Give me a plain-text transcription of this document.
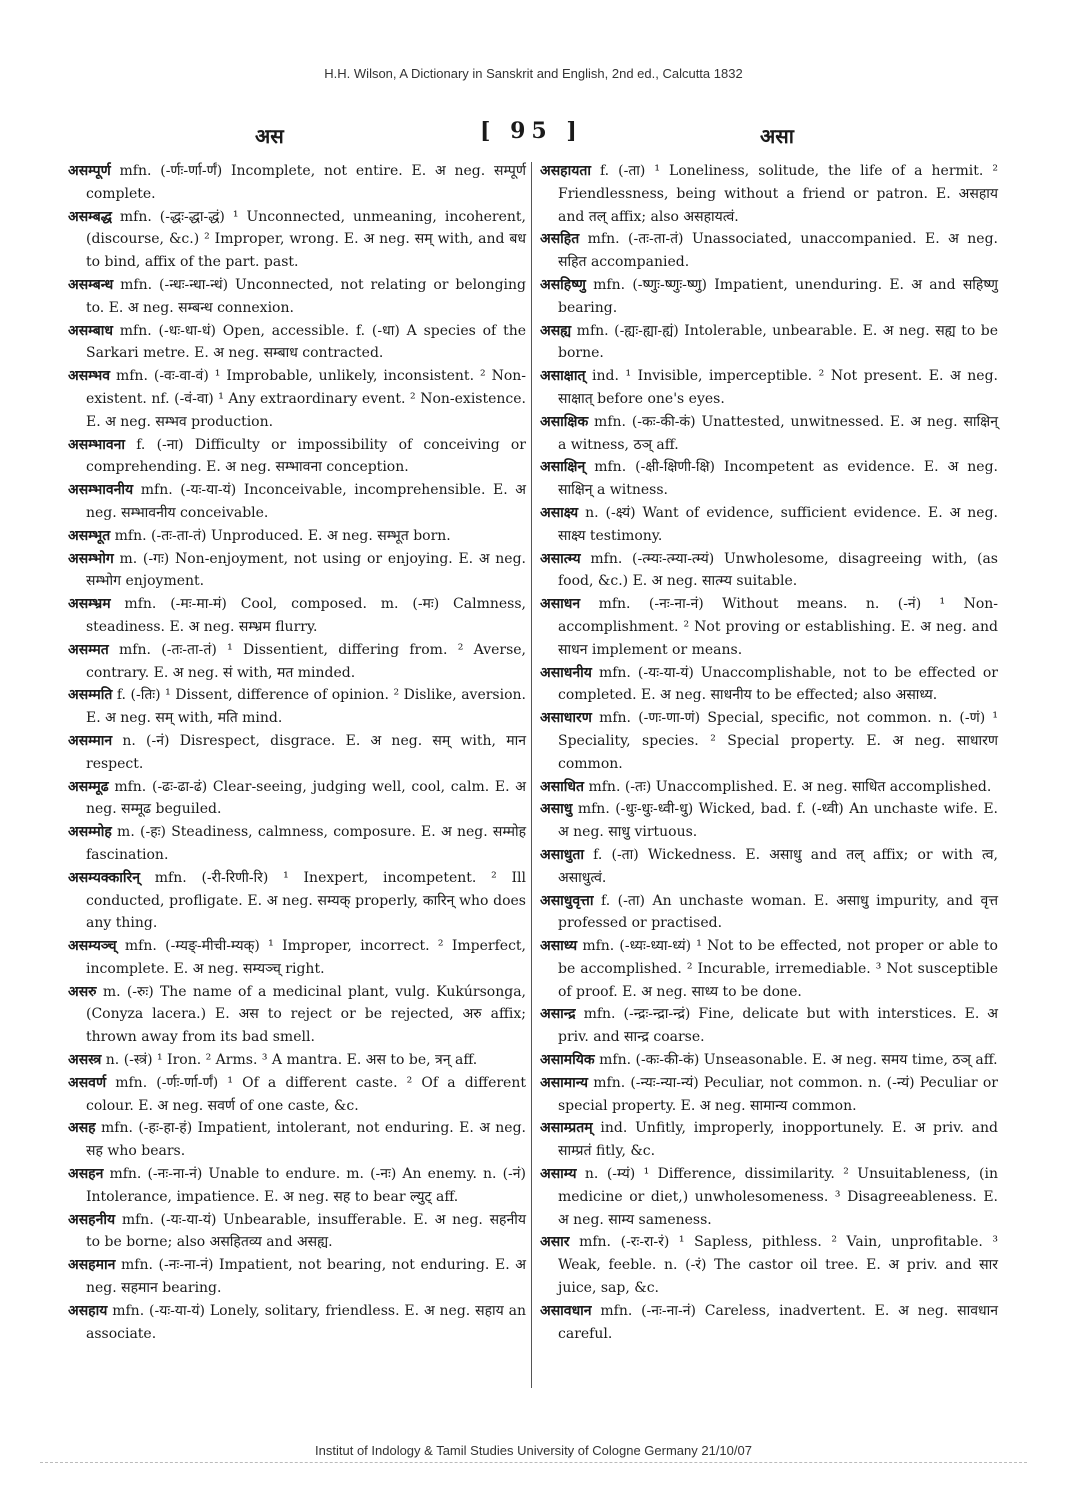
H.H. Wilson, A Dictionary in Sanskrit and English, 2nd ed., Calcutta 1832
अस	[ 95 ]	असा

असम्पूर्ण mfn. (-र्णः-र्णा-र्णं) Incomplete, not entire. E. अ neg. सम्पूर्ण complete.

असम्बद्ध mfn. (-द्धः-द्धा-द्धं) ¹ Unconnected, unmeaning, incoherent, (discourse, &c.) ² Improper, wrong. E. अ neg. सम् with, and बध to bind, affix of the part. past.

असम्बन्ध mfn. (-न्धः-न्धा-न्धं) Unconnected, not relating or belonging to. E. अ neg. सम्बन्ध connexion.

असम्बाध mfn. (-धः-धा-धं) Open, accessible. f. (-धा) A species of the Sarkari metre. E. अ neg. सम्बाध contracted.

असम्भव mfn. (-वः-वा-वं) ¹ Improbable, unlikely, inconsistent. ² Non-existent. nf. (-वं-वा) ¹ Any extraordinary event. ² Non-existence. E. अ neg. सम्भव production.

असम्भावना f. (-ना) Difficulty or impossibility of conceiving or comprehending. E. अ neg. सम्भावना conception.

असम्भावनीय mfn. (-यः-या-यं) Inconceivable, incomprehensible. E. अ neg. सम्भावनीय conceivable.

असम्भूत mfn. (-तः-ता-तं) Unproduced. E. अ neg. सम्भूत born.

असम्भोग m. (-गः) Non-enjoyment, not using or enjoying. E. अ neg. सम्भोग enjoyment.

असम्भ्रम mfn. (-मः-मा-मं) Cool, composed. m. (-मः) Calmness, steadiness. E. अ neg. सम्भ्रम flurry.

असम्मत mfn. (-तः-ता-तं) ¹ Dissentient, differing from. ² Averse, contrary. E. अ neg. सं with, मत minded.

असम्मति f. (-तिः) ¹ Dissent, difference of opinion. ² Dislike, aversion. E. अ neg. सम् with, मति mind.

असम्मान n. (-नं) Disrespect, disgrace. E. अ neg. सम् with, मान respect.

असम्मूढ mfn. (-ढः-ढा-ढं) Clear-seeing, judging well, cool, calm. E. अ neg. सम्मूढ beguiled.

असम्मोह m. (-हः) Steadiness, calmness, composure. E. अ neg. सम्मोह fascination.

असम्यक्कारिन् mfn. (-री-रिणी-रि) ¹ Inexpert, incompetent. ² Ill conducted, profligate. E. अ neg. सम्यक् properly, कारिन् who does any thing.

असम्यञ्च् mfn. (-म्यङ्-मीची-म्यक्) ¹ Improper, incorrect. ² Imperfect, incomplete. E. अ neg. सम्यञ्च् right.

असरु m. (-रुः) The name of a medicinal plant, vulg. Kukúrsonga, (Conyza lacera.) E. अस to reject or be rejected, अरु affix; thrown away from its bad smell.

असस्त्र n. (-स्त्रं) ¹ Iron. ² Arms. ³ A mantra. E. अस to be, त्रन् aff.

असवर्ण mfn. (-र्णः-र्णा-र्णं) ¹ Of a different caste. ² Of a different colour. E. अ neg. सवर्ण of one caste, &c.

असह mfn. (-हः-हा-हं) Impatient, intolerant, not enduring. E. अ neg. सह who bears.

असहन mfn. (-नः-ना-नं) Unable to endure. m. (-नः) An enemy. n. (-नं) Intolerance, impatience. E. अ neg. सह to bear ल्युट् aff.

असहनीय mfn. (-यः-या-यं) Unbearable, insufferable. E. अ neg. सहनीय to be borne; also असहितव्य and असह्य.

असहमान mfn. (-नः-ना-नं) Impatient, not bearing, not enduring. E. अ neg. सहमान bearing.

असहाय mfn. (-यः-या-यं) Lonely, solitary, friendless. E. अ neg. सहाय an associate.

असहायता f. (-ता) ¹ Loneliness, solitude, the life of a hermit. ² Friendlessness, being without a friend or patron. E. असहाय and तल् affix; also असहायत्वं.

असहित mfn. (-तः-ता-तं) Unassociated, unaccompanied. E. अ neg. सहित accompanied.

असहिष्णु mfn. (-ष्णुः-ष्णुः-ष्णु) Impatient, unenduring. E. अ and सहिष्णु bearing.

असह्य mfn. (-ह्यः-ह्या-ह्यं) Intolerable, unbearable. E. अ neg. सह्य to be borne.

असाक्षात् ind. ¹ Invisible, imperceptible. ² Not present. E. अ neg. साक्षात् before one's eyes.

असाक्षिक mfn. (-कः-की-कं) Unattested, unwitnessed. E. अ neg. साक्षिन् a witness, ठञ् aff.

असाक्षिन् mfn. (-क्षी-क्षिणी-क्षि) Incompetent as evidence. E. अ neg. साक्षिन् a witness.

असाक्ष्य n. (-क्ष्यं) Want of evidence, sufficient evidence. E. अ neg. साक्ष्य testimony.

असात्म्य mfn. (-त्म्यः-त्म्या-त्म्यं) Unwholesome, disagreeing with, (as food, &c.) E. अ neg. सात्म्य suitable.

असाधन mfn. (-नः-ना-नं) Without means. n. (-नं) ¹ Non-accomplishment. ² Not proving or establishing. E. अ neg. and साधन implement or means.

असाधनीय mfn. (-यः-या-यं) Unaccomplishable, not to be effected or completed. E. अ neg. साधनीय to be effected; also असाध्य.

असाधारण mfn. (-णः-णा-णं) Special, specific, not common. n. (-णं) ¹ Speciality, species. ² Special property. E. अ neg. साधारण common.

असाधित mfn. (-तः) Unaccomplished. E. अ neg. साधित accomplished.

असाधु mfn. (-धुः-धुः-ध्वी-धु) Wicked, bad. f. (-ध्वी) An unchaste wife. E. अ neg. साधु virtuous.

असाधुता f. (-ता) Wickedness. E. असाधु and तल् affix; or with त्व, असाधुत्वं.

असाधुवृत्ता f. (-ता) An unchaste woman. E. असाधु impurity, and वृत्त professed or practised.

असाध्य mfn. (-ध्यः-ध्या-ध्यं) ¹ Not to be effected, not proper or able to be accomplished. ² Incurable, irremediable. ³ Not susceptible of proof. E. अ neg. साध्य to be done.

असान्द्र mfn. (-न्द्रः-न्द्रा-न्द्रं) Fine, delicate but with interstices. E. अ priv. and सान्द्र coarse.

असामयिक mfn. (-कः-की-कं) Unseasonable. E. अ neg. समय time, ठञ् aff.

असामान्य mfn. (-न्यः-न्या-न्यं) Peculiar, not common. n. (-न्यं) Peculiar or special property. E. अ neg. सामान्य common.

असाम्प्रतम् ind. Unfitly, improperly, inopportunely. E. अ priv. and साम्प्रतं fitly, &c.

असाम्य n. (-म्यं) ¹ Difference, dissimilarity. ² Unsuitableness, (in medicine or diet,) unwholesomeness. ³ Disagreeableness. E. अ neg. साम्य sameness.

असार mfn. (-रः-रा-रं) ¹ Sapless, pithless. ² Vain, unprofitable. ³ Weak, feeble. n. (-रं) The castor oil tree. E. अ priv. and सार juice, sap, &c.

असावधान mfn. (-नः-ना-नं) Careless, inadvertent. E. अ neg. सावधान careful.

Institut of Indology & Tamil Studies University of Cologne Germany 21/10/07
